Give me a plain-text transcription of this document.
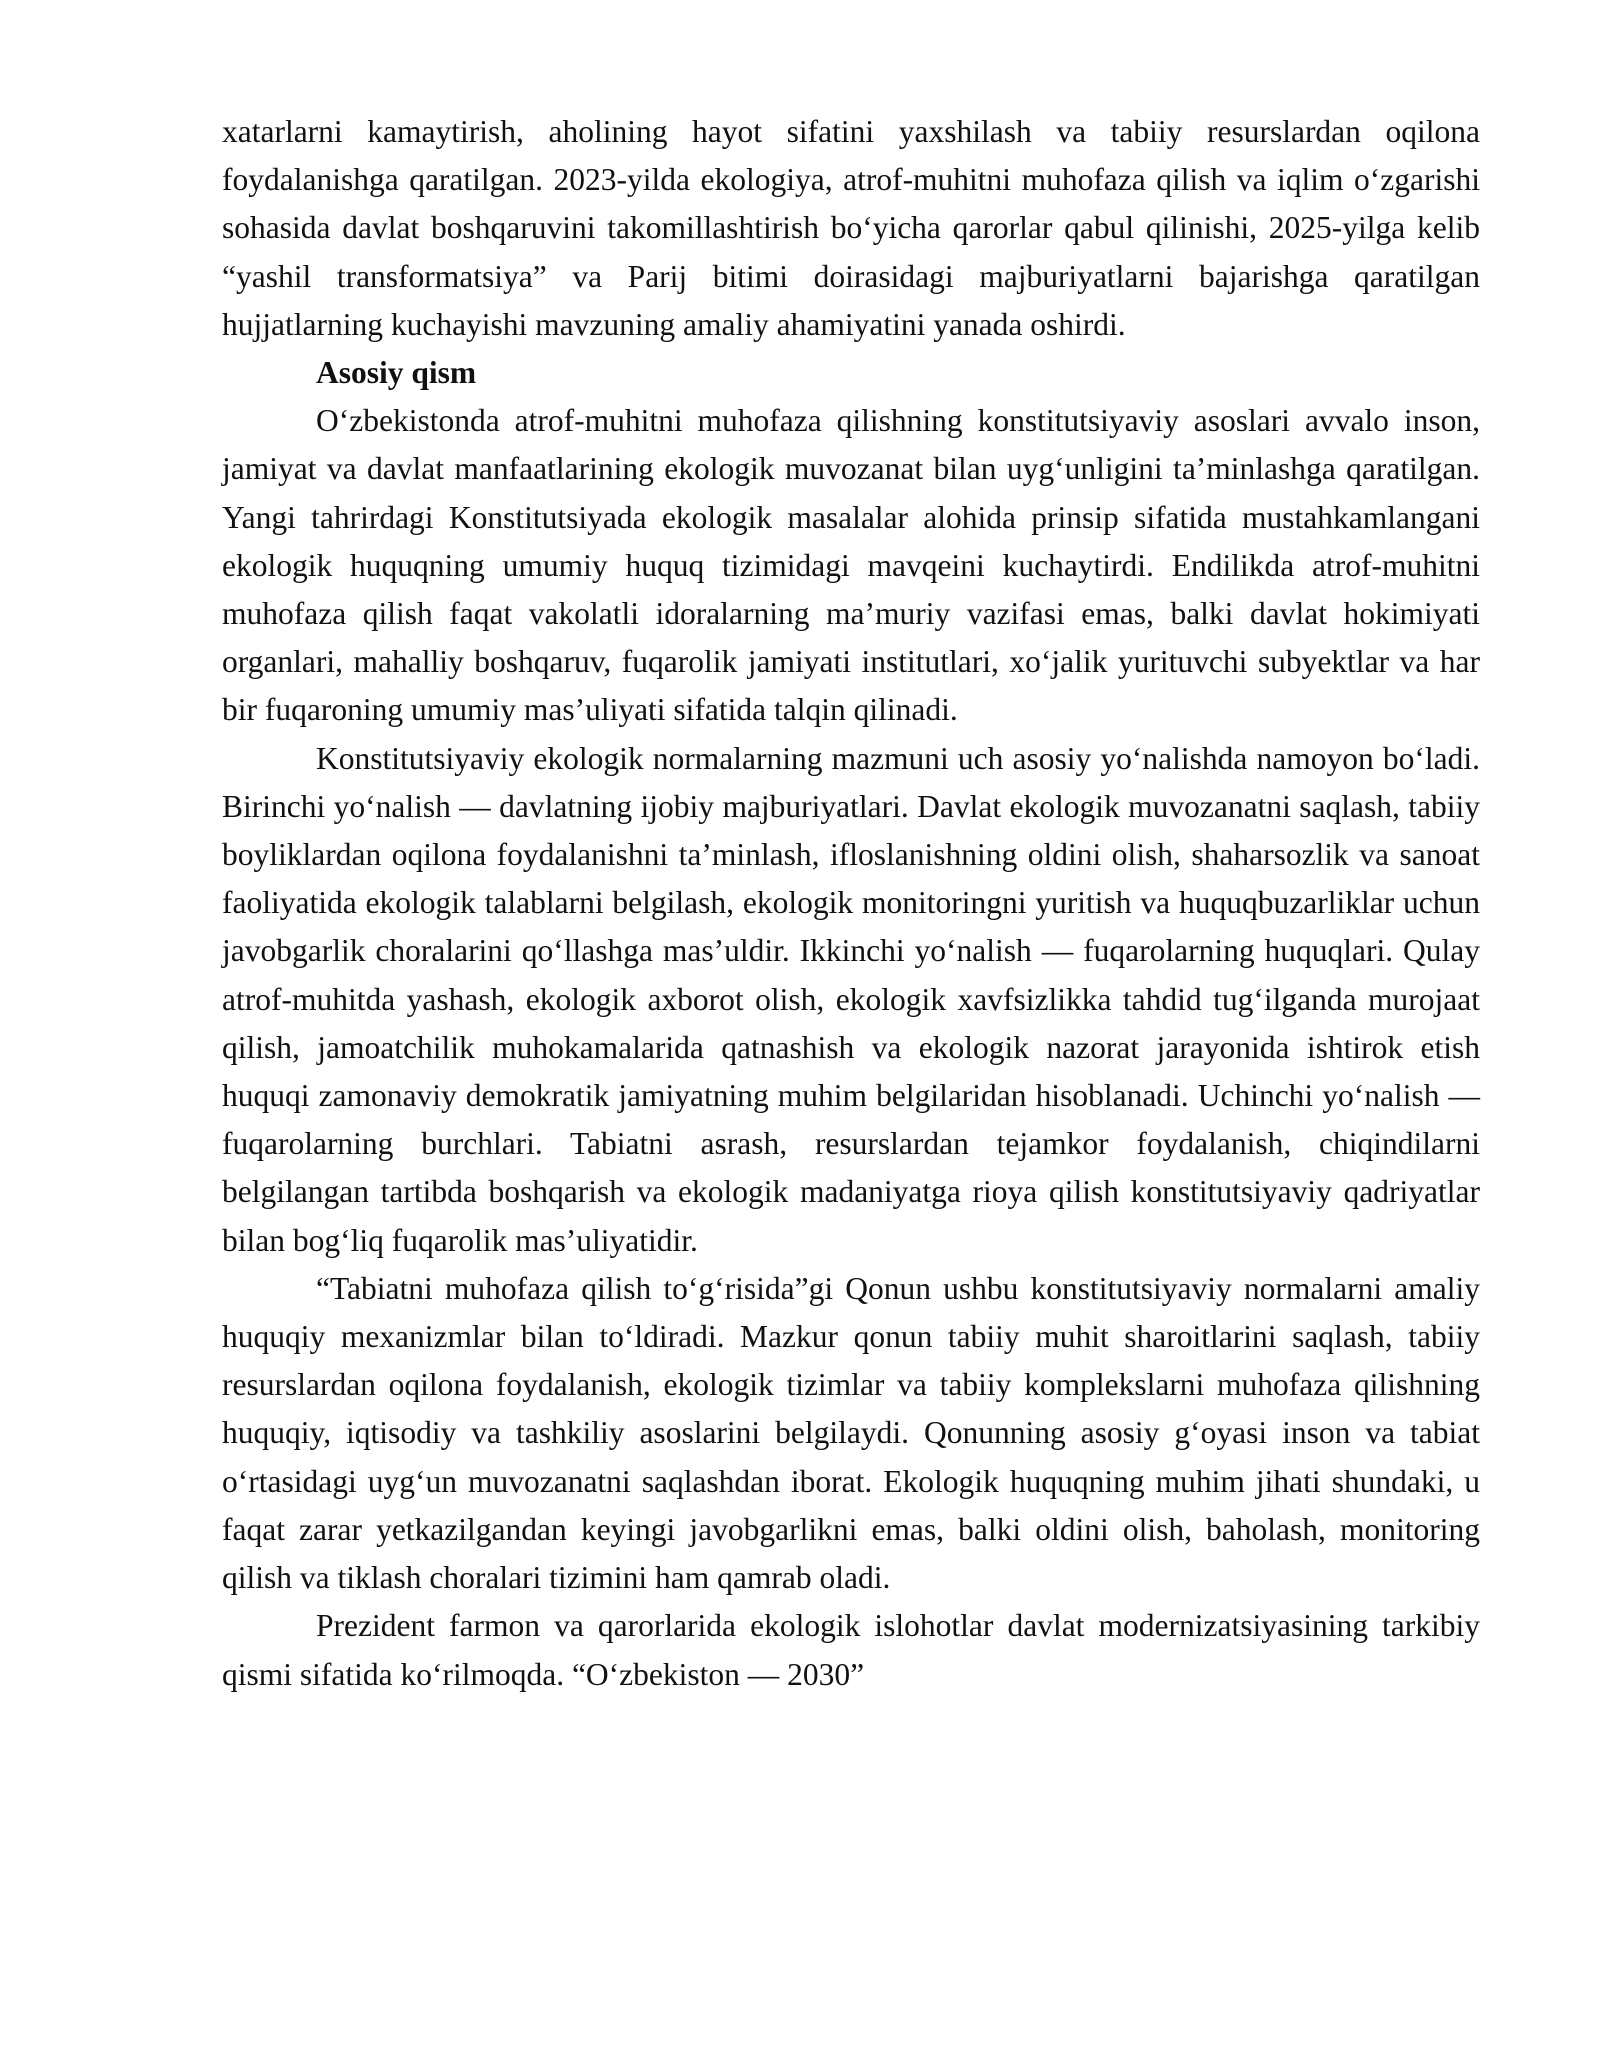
xatarlarni kamaytirish, aholining hayot sifatini yaxshilash va tabiiy resurslardan oqilona foydalanishga qaratilgan. 2023-yilda ekologiya, atrof-muhitni muhofaza qilish va iqlim o‘zgarishi sohasida davlat boshqaruvini takomillashtirish bo‘yicha qarorlar qabul qilinishi, 2025-yilga kelib “yashil transformatsiya” va Parij bitimi doirasidagi majburiyatlarni bajarishga qaratilgan hujjatlarning kuchayishi mavzuning amaliy ahamiyatini yanada oshirdi.

Asosiy qism

O‘zbekistonda atrof-muhitni muhofaza qilishning konstitutsiyaviy asoslari avvalo inson, jamiyat va davlat manfaatlarining ekologik muvozanat bilan uyg‘unligini ta’minlashga qaratilgan. Yangi tahrirdagi Konstitutsiyada ekologik masalalar alohida prinsip sifatida mustahkamlangani ekologik huquqning umumiy huquq tizimidagi mavqeini kuchaytirdi. Endilikda atrof-muhitni muhofaza qilish faqat vakolatli idoralarning ma’muriy vazifasi emas, balki davlat hokimiyati organlari, mahalliy boshqaruv, fuqarolik jamiyati institutlari, xo‘jalik yurituvchi subyektlar va har bir fuqaroning umumiy mas’uliyati sifatida talqin qilinadi.

Konstitutsiyaviy ekologik normalarning mazmuni uch asosiy yo‘nalishda namoyon bo‘ladi. Birinchi yo‘nalish — davlatning ijobiy majburiyatlari. Davlat ekologik muvozanatni saqlash, tabiiy boyliklardan oqilona foydalanishni ta’minlash, ifloslanishning oldini olish, shaharsozlik va sanoat faoliyatida ekologik talablarni belgilash, ekologik monitoringni yuritish va huquqbuzarliklar uchun javobgarlik choralarini qo‘llashga mas’uldir. Ikkinchi yo‘nalish — fuqarolarning huquqlari. Qulay atrof-muhitda yashash, ekologik axborot olish, ekologik xavfsizlikka tahdid tug‘ilganda murojaat qilish, jamoatchilik muhokamalarida qatnashish va ekologik nazorat jarayonida ishtirok etish huquqi zamonaviy demokratik jamiyatning muhim belgilaridan hisoblanadi. Uchinchi yo‘nalish — fuqarolarning burchlari. Tabiatni asrash, resurslardan tejamkor foydalanish, chiqindilarni belgilangan tartibda boshqarish va ekologik madaniyatga rioya qilish konstitutsiyaviy qadriyatlar bilan bog‘liq fuqarolik mas’uliyatidir.

“Tabiatni muhofaza qilish to‘g‘risida”gi Qonun ushbu konstitutsiyaviy normalarni amaliy huquqiy mexanizmlar bilan to‘ldiradi. Mazkur qonun tabiiy muhit sharoitlarini saqlash, tabiiy resurslardan oqilona foydalanish, ekologik tizimlar va tabiiy komplekslarni muhofaza qilishning huquqiy, iqtisodiy va tashkiliy asoslarini belgilaydi. Qonunning asosiy g‘oyasi inson va tabiat o‘rtasidagi uyg‘un muvozanatni saqlashdan iborat. Ekologik huquqning muhim jihati shundaki, u faqat zarar yetkazilgandan keyingi javobgarlikni emas, balki oldini olish, baholash, monitoring qilish va tiklash choralari tizimini ham qamrab oladi.

Prezident farmon va qarorlarida ekologik islohotlar davlat modernizatsiyasining tarkibiy qismi sifatida ko‘rilmoqda. “O‘zbekiston — 2030”
